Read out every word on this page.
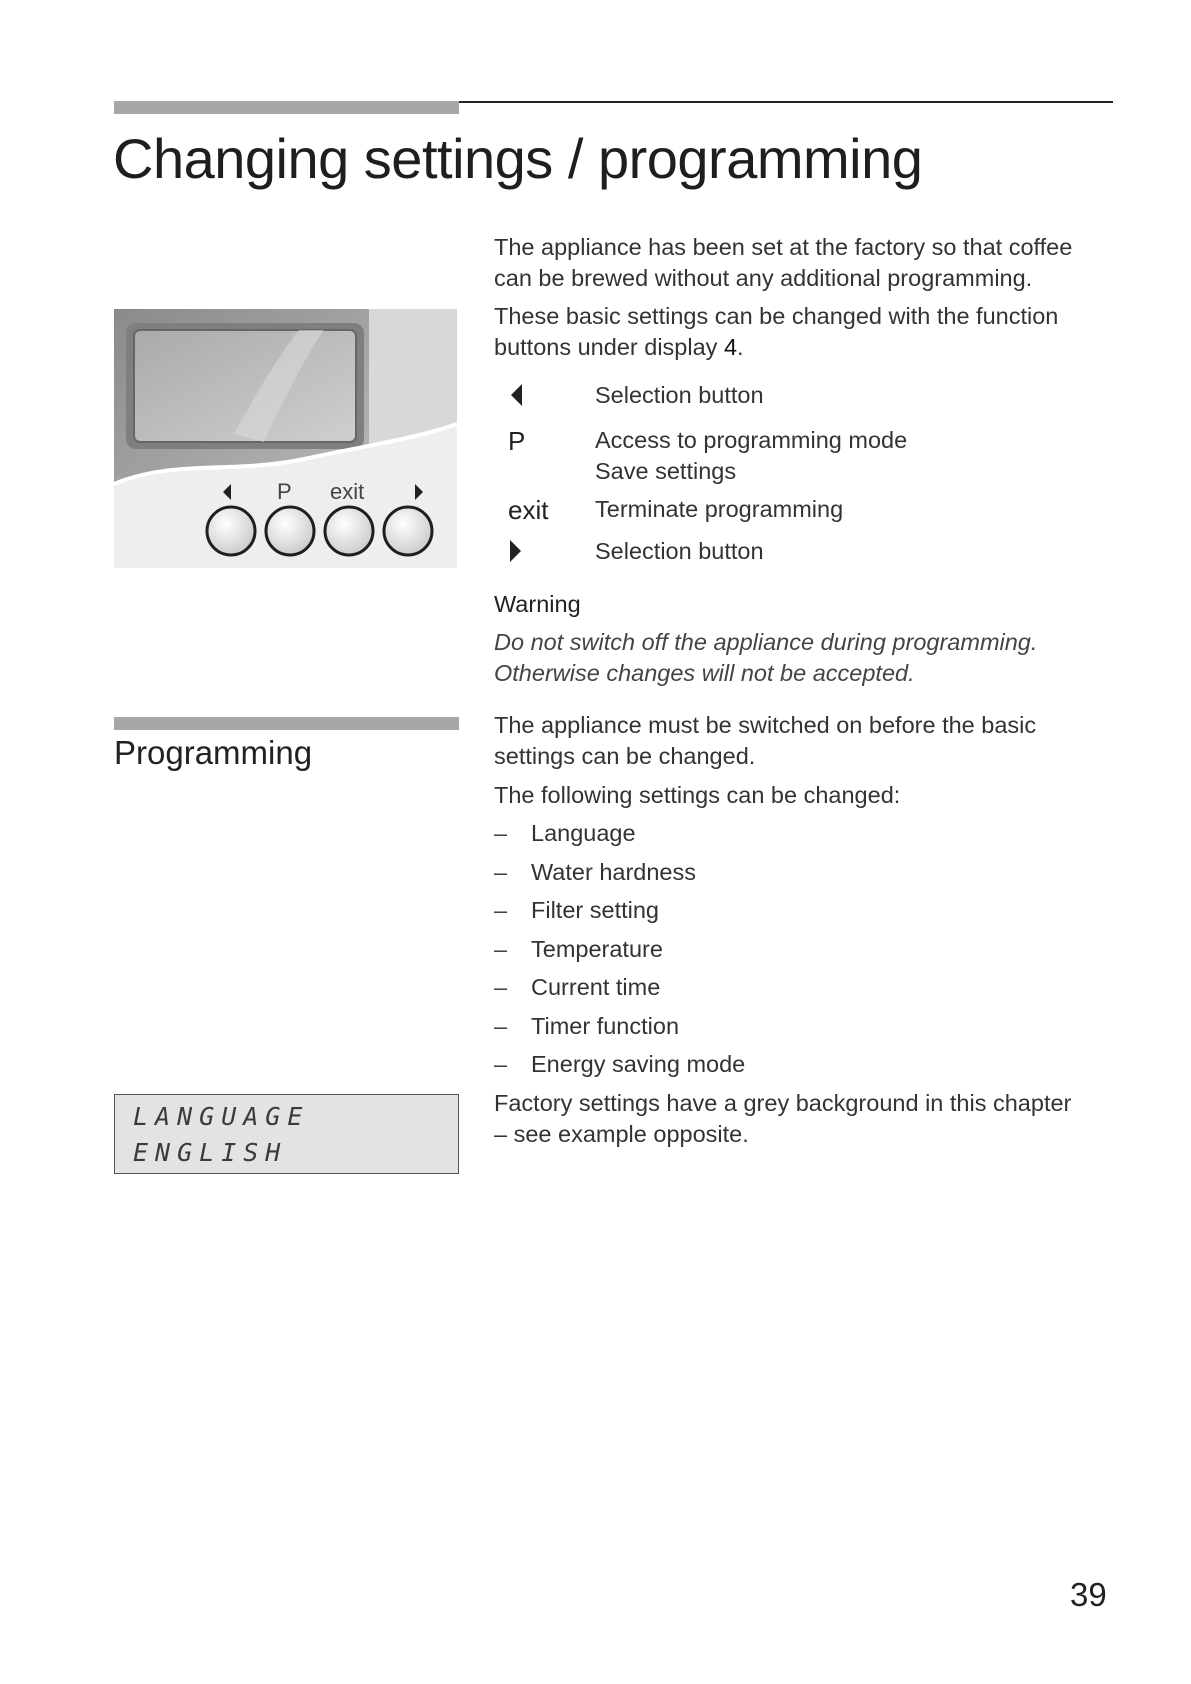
Changing settings / programming

The appliance has been set at the factory so that coffee can be brewed without any additional programming.

These basic settings can be changed with the function buttons under display 4.

P exit
Selection button
P	Access to programming mode
Save settings
exit Terminate programming
Selection button
Warning
Do not switch off the appliance during programming.
Otherwise changes will not be accepted.
Programming

The appliance must be switched on before the basic settings can be changed.

The following settings can be changed:

– Language
– Water hardness
– Filter setting
– Temperature
– Current time
– Timer function
– Energy saving mode

Factory settings have a grey background in this chapter – see example opposite.

LANGUAGE
ENGLISH
39
